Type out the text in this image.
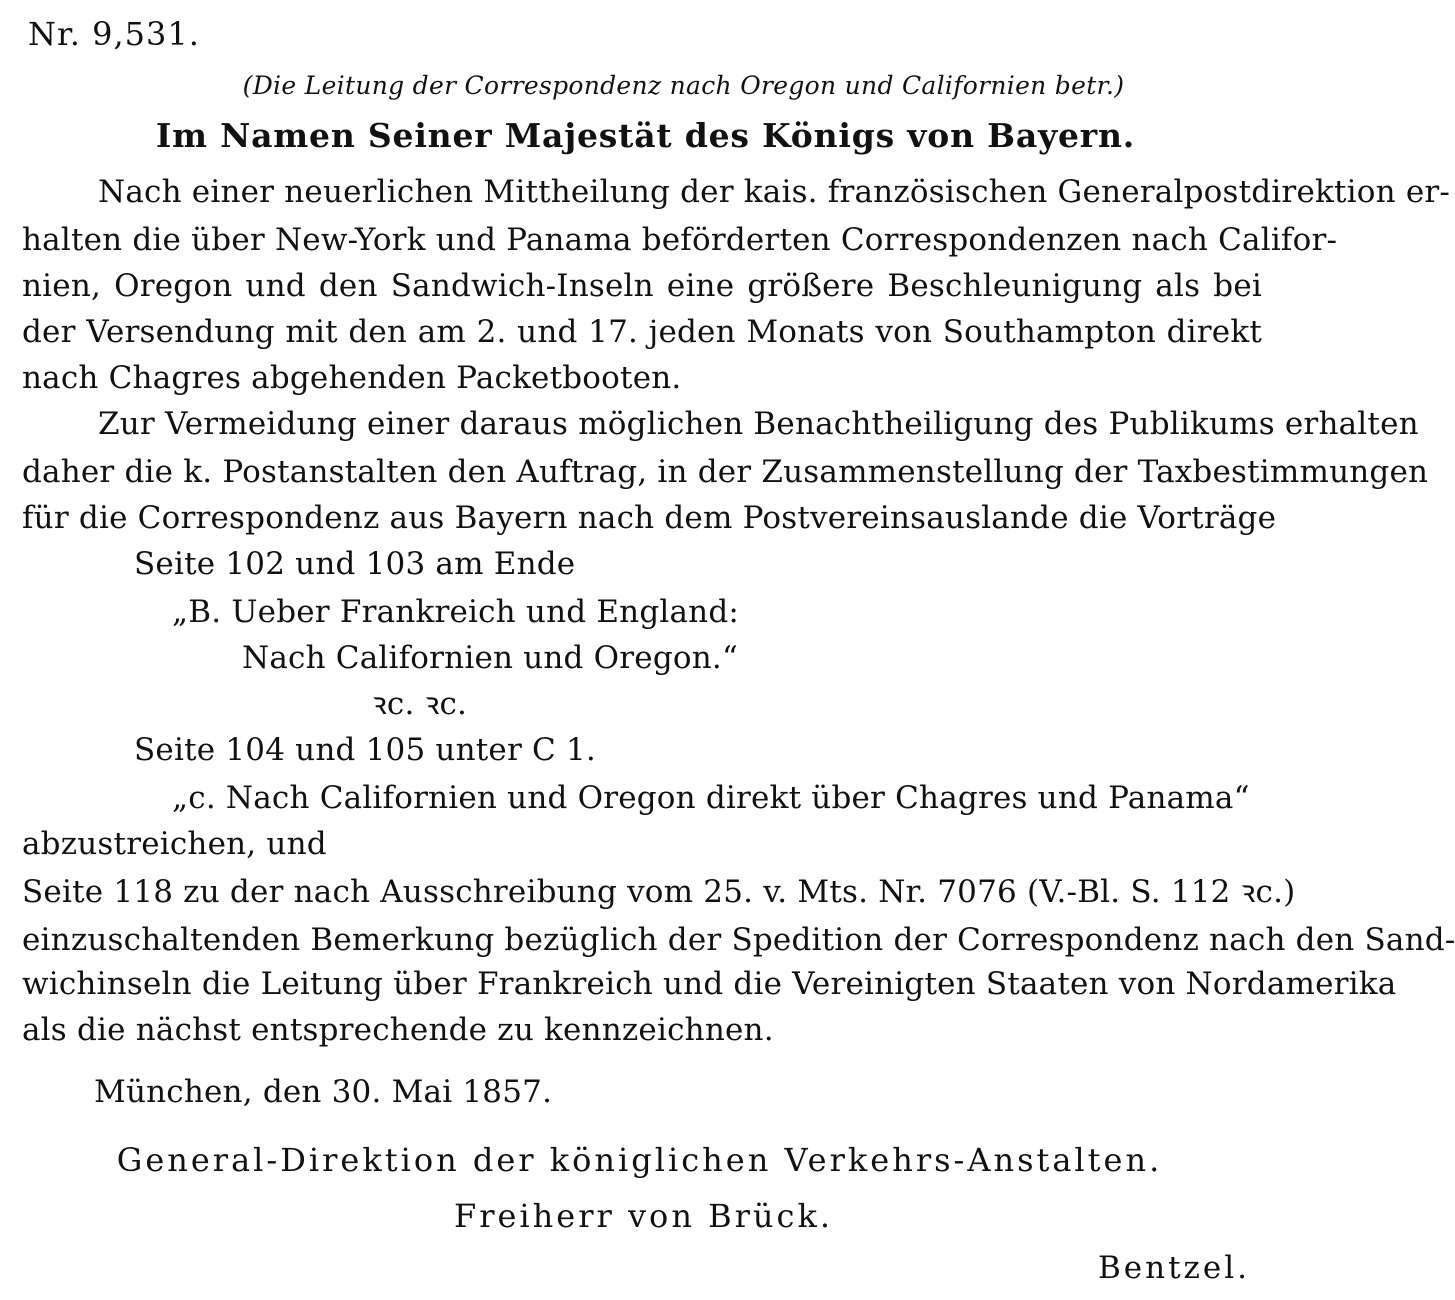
Nr. 9,531.
(Die Leitung der Correspondenz nach Oregon und Californien betr.)
Im Namen Seiner Majestät des Königs von Bayern.
Nach einer neuerlichen Mittheilung der kais. französischen Generalpostdirektion er-
halten die über New-York und Panama beförderten Correspondenzen nach Califor-
nien, Oregon und den Sandwich-Inseln eine größere Beschleunigung als bei
der Versendung mit den am 2. und 17. jeden Monats von Southampton direkt
nach Chagres abgehenden Packetbooten.
Zur Vermeidung einer daraus möglichen Benachtheiligung des Publikums erhalten
daher die k. Postanstalten den Auftrag, in der Zusammenstellung der Taxbestimmungen
für die Correspondenz aus Bayern nach dem Postvereinsauslande die Vorträge
Seite 102 und 103 am Ende
„B. Ueber Frankreich und England:
Nach Californien und Oregon.“
ꝛc. ꝛc.
Seite 104 und 105 unter C 1.
„c. Nach Californien und Oregon direkt über Chagres und Panama“
abzustreichen, und
Seite 118 zu der nach Ausschreibung vom 25. v. Mts. Nr. 7076 (V.-Bl. S. 112 ꝛc.)
einzuschaltenden Bemerkung bezüglich der Spedition der Correspondenz nach den Sand-
wichinseln die Leitung über Frankreich und die Vereinigten Staaten von Nordamerika
als die nächst entsprechende zu kennzeichnen.
München, den 30. Mai 1857.
General-Direktion der königlichen Verkehrs-Anstalten.
Freiherr von Brück.
Bentzel.
